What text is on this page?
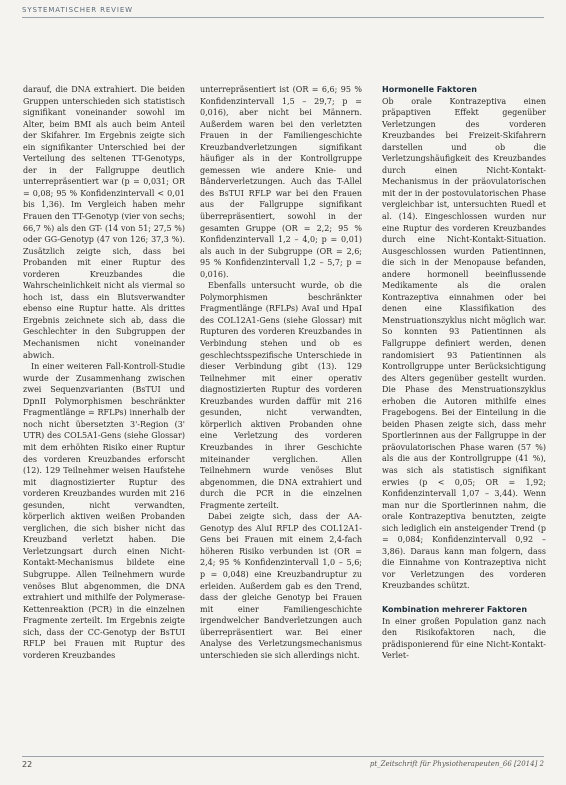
SYSTEMATISCHER REVIEW

darauf, die DNA extrahiert. Die beiden Gruppen unterschieden sich statistisch signifikant voneinander sowohl im Alter, beim BMI als auch beim Anteil der Skifahrer. Im Ergebnis zeigte sich ein signifikanter Unterschied bei der Verteilung des seltenen TT-Genotyps, der in der Fallgruppe deutlich unterrepräsentiert war (p = 0,031; OR = 0,08; 95 % Konfidenzintervall < 0,01 bis 1,36). Im Vergleich haben mehr Frauen den TT-Genotyp (vier von sechs; 66,7 %) als den GT- (14 von 51; 27,5 %) oder GG-Genotyp (47 von 126; 37,3 %). Zusätzlich zeigte sich, dass bei Probanden mit einer Ruptur des vorderen Kreuzbandes die Wahrscheinlichkeit nicht als viermal so hoch ist, dass ein Blutsverwandter ebenso eine Ruptur hatte. Als drittes Ergebnis zeichnete sich ab, dass die Geschlechter in den Subgruppen der Mechanismen nicht voneinander abwich.

In einer weiteren Fall-Kontroll-Studie wurde der Zusammenhang zwischen zwei Sequenzvarianten (BsTUI und DpnII Polymorphismen beschränkter Fragmentlänge = RFLPs) innerhalb der noch nicht übersetzten 3'-Region (3' UTR) des COL5A1-Gens (siehe Glossar) mit dem erhöhten Risiko einer Ruptur des vorderen Kreuzbandes erforscht (12). 129 Teilnehmer weisen Haufstehe mit diagnostizierter Ruptur des vorderen Kreuzbandes wurden mit 216 gesunden, nicht verwandten, körperlich aktiven weißen Probanden verglichen, die sich bisher nicht das Kreuzband verletzt haben. Die Verletzungsart durch einen Nicht-Kontakt-Mechanismus bildete eine Subgruppe. Allen Teilnehmern wurde venöses Blut abgenommen, die DNA extrahiert und mithilfe der Polymerase-Kettenreaktion (PCR) in die einzelnen Fragmente zerteilt. Im Ergebnis zeigte sich, dass der CC-Genotyp der BsTUI RFLP bei Frauen mit Ruptur des vorderen Kreuzbandes

unterrepräsentiert ist (OR = 6,6; 95 % Konfidenzintervall 1,5 – 29,7; p = 0,016), aber nicht bei Männern. Außerdem waren bei den verletzten Frauen in der Familiengeschichte Kreuzbandverletzungen signifikant häufiger als in der Kontrollgruppe gemessen wie andere Knie- und Bänderverletzungen. Auch das T-Allel des BsTUI RFLP war bei den Frauen aus der Fallgruppe signifikant überrepräsentiert, sowohl in der gesamten Gruppe (OR = 2,2; 95 % Konfidenzintervall 1,2 – 4,0; p = 0,01) als auch in der Subgruppe (OR = 2,6; 95 % Konfidenzintervall 1,2 – 5,7; p = 0,016).

Ebenfalls untersucht wurde, ob die Polymorphismen beschränkter Fragmentlänge (RFLPs) AvaI und HpaI des COL12A1-Gens (siehe Glossar) mit Rupturen des vorderen Kreuzbandes in Verbindung stehen und ob es geschlechtsspezifische Unterschiede in dieser Verbindung gibt (13). 129 Teilnehmer mit einer operativ diagnostizierten Ruptur des vorderen Kreuzbandes wurden daffür mit 216 gesunden, nicht verwandten, körperlich aktiven Probanden ohne eine Verletzung des vorderen Kreuzbandes in ihrer Geschichte miteinander verglichen. Allen Teilnehmern wurde venöses Blut abgenommen, die DNA extrahiert und durch die PCR in die einzelnen Fragmente zerteilt.

Dabei zeigte sich, dass der AA-Genotyp des AluI RFLP des COL12A1-Gens bei Frauen mit einem 2,4-fach höheren Risiko verbunden ist (OR = 2,4; 95 % Konfidenzintervall 1,0 – 5,6; p = 0,048) eine Kreuzbandruptur zu erleiden. Außerdem gab es den Trend, dass der gleiche Genotyp bei Frauen mit einer Familiengeschichte irgendwelcher Bandverletzungen auch überrepräsentiert war. Bei einer Analyse des Verletzungsmechanismus unterschieden sie sich allerdings nicht.

Hormonelle Faktoren

Ob orale Kontrazeptiva einen präpaptiven Effekt gegenüber Verletzungen des vorderen Kreuzbandes bei Freizeit-Skifahrern darstellen und ob die Verletzungshäufigkeit des Kreuzbandes durch einen Nicht-Kontakt-Mechanismus in der präovulatorischen mit der in der postovulatorischen Phase vergleichbar ist, untersuchten Ruedl et al. (14). Eingeschlossen wurden nur eine Ruptur des vorderen Kreuzbandes durch eine Nicht-Kontakt-Situation. Ausgeschlossen wurden Patientinnen, die sich in der Menopause befanden, andere hormonell beeinflussende Medikamente als die oralen Kontrazeptiva einnahmen oder bei denen eine Klassifikation des Menstruationszyklus nicht möglich war. So konnten 93 Patientinnen als Fallgruppe definiert werden, denen randomisiert 93 Patientinnen als Kontrollgruppe unter Berücksichtigung des Alters gegenüber gestellt wurden. Die Phase des Menstruationszyklus erhoben die Autoren mithilfe eines Fragebogens. Bei der Einteilung in die beiden Phasen zeigte sich, dass mehr Sportlerinnen aus der Fallgruppe in der präovulatorischen Phase waren (57 %) als die aus der Kontrollgruppe (41 %), was sich als statistisch signifikant erwies (p < 0,05; OR = 1,92; Konfidenzintervall 1,07 – 3,44). Wenn man nur die Sportlerinnen nahm, die orale Kontrazeptiva benutzten, zeigte sich lediglich ein ansteigender Trend (p = 0,084; Konfidenzintervall 0,92 – 3,86). Daraus kann man folgern, dass die Einnahme von Kontrazeptiva nicht vor Verletzungen des vorderen Kreuzbandes schützt.

Kombination mehrerer Faktoren

In einer großen Population ganz nach den Risikofaktoren nach, die prädisponierend für eine Nicht-Kontakt-Verlet-

22	pt_Zeitschrift für Physiotherapeuten_66 [2014] 2
